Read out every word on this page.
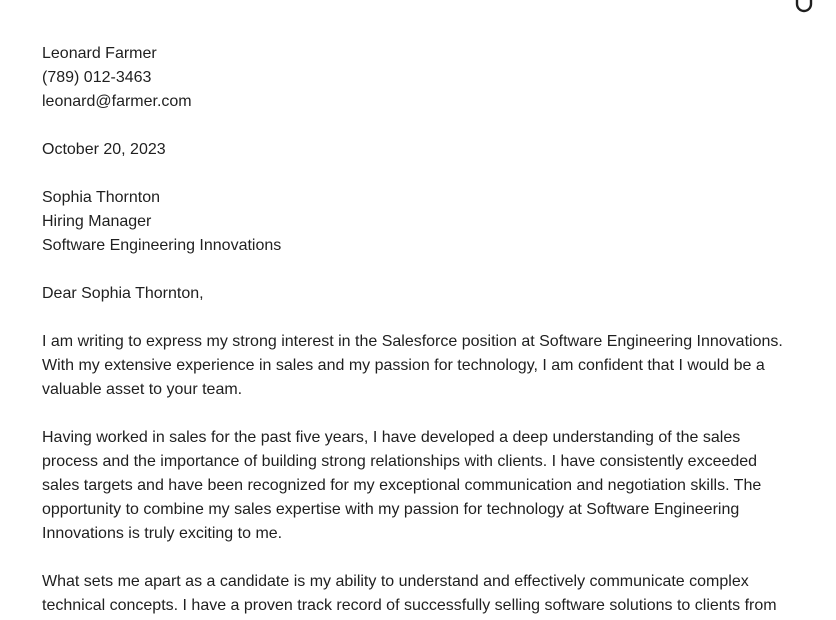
Leonard Farmer
(789) 012-3463
leonard@farmer.com
October 20, 2023
Sophia Thornton
Hiring Manager
Software Engineering Innovations
Dear Sophia Thornton,

I am writing to express my strong interest in the Salesforce position at Software Engineering Innovations. With my extensive experience in sales and my passion for technology, I am confident that I would be a valuable asset to your team.

Having worked in sales for the past five years, I have developed a deep understanding of the sales process and the importance of building strong relationships with clients. I have consistently exceeded sales targets and have been recognized for my exceptional communication and negotiation skills. The opportunity to combine my sales expertise with my passion for technology at Software Engineering Innovations is truly exciting to me.

What sets me apart as a candidate is my ability to understand and effectively communicate complex technical concepts. I have a proven track record of successfully selling software solutions to clients from
